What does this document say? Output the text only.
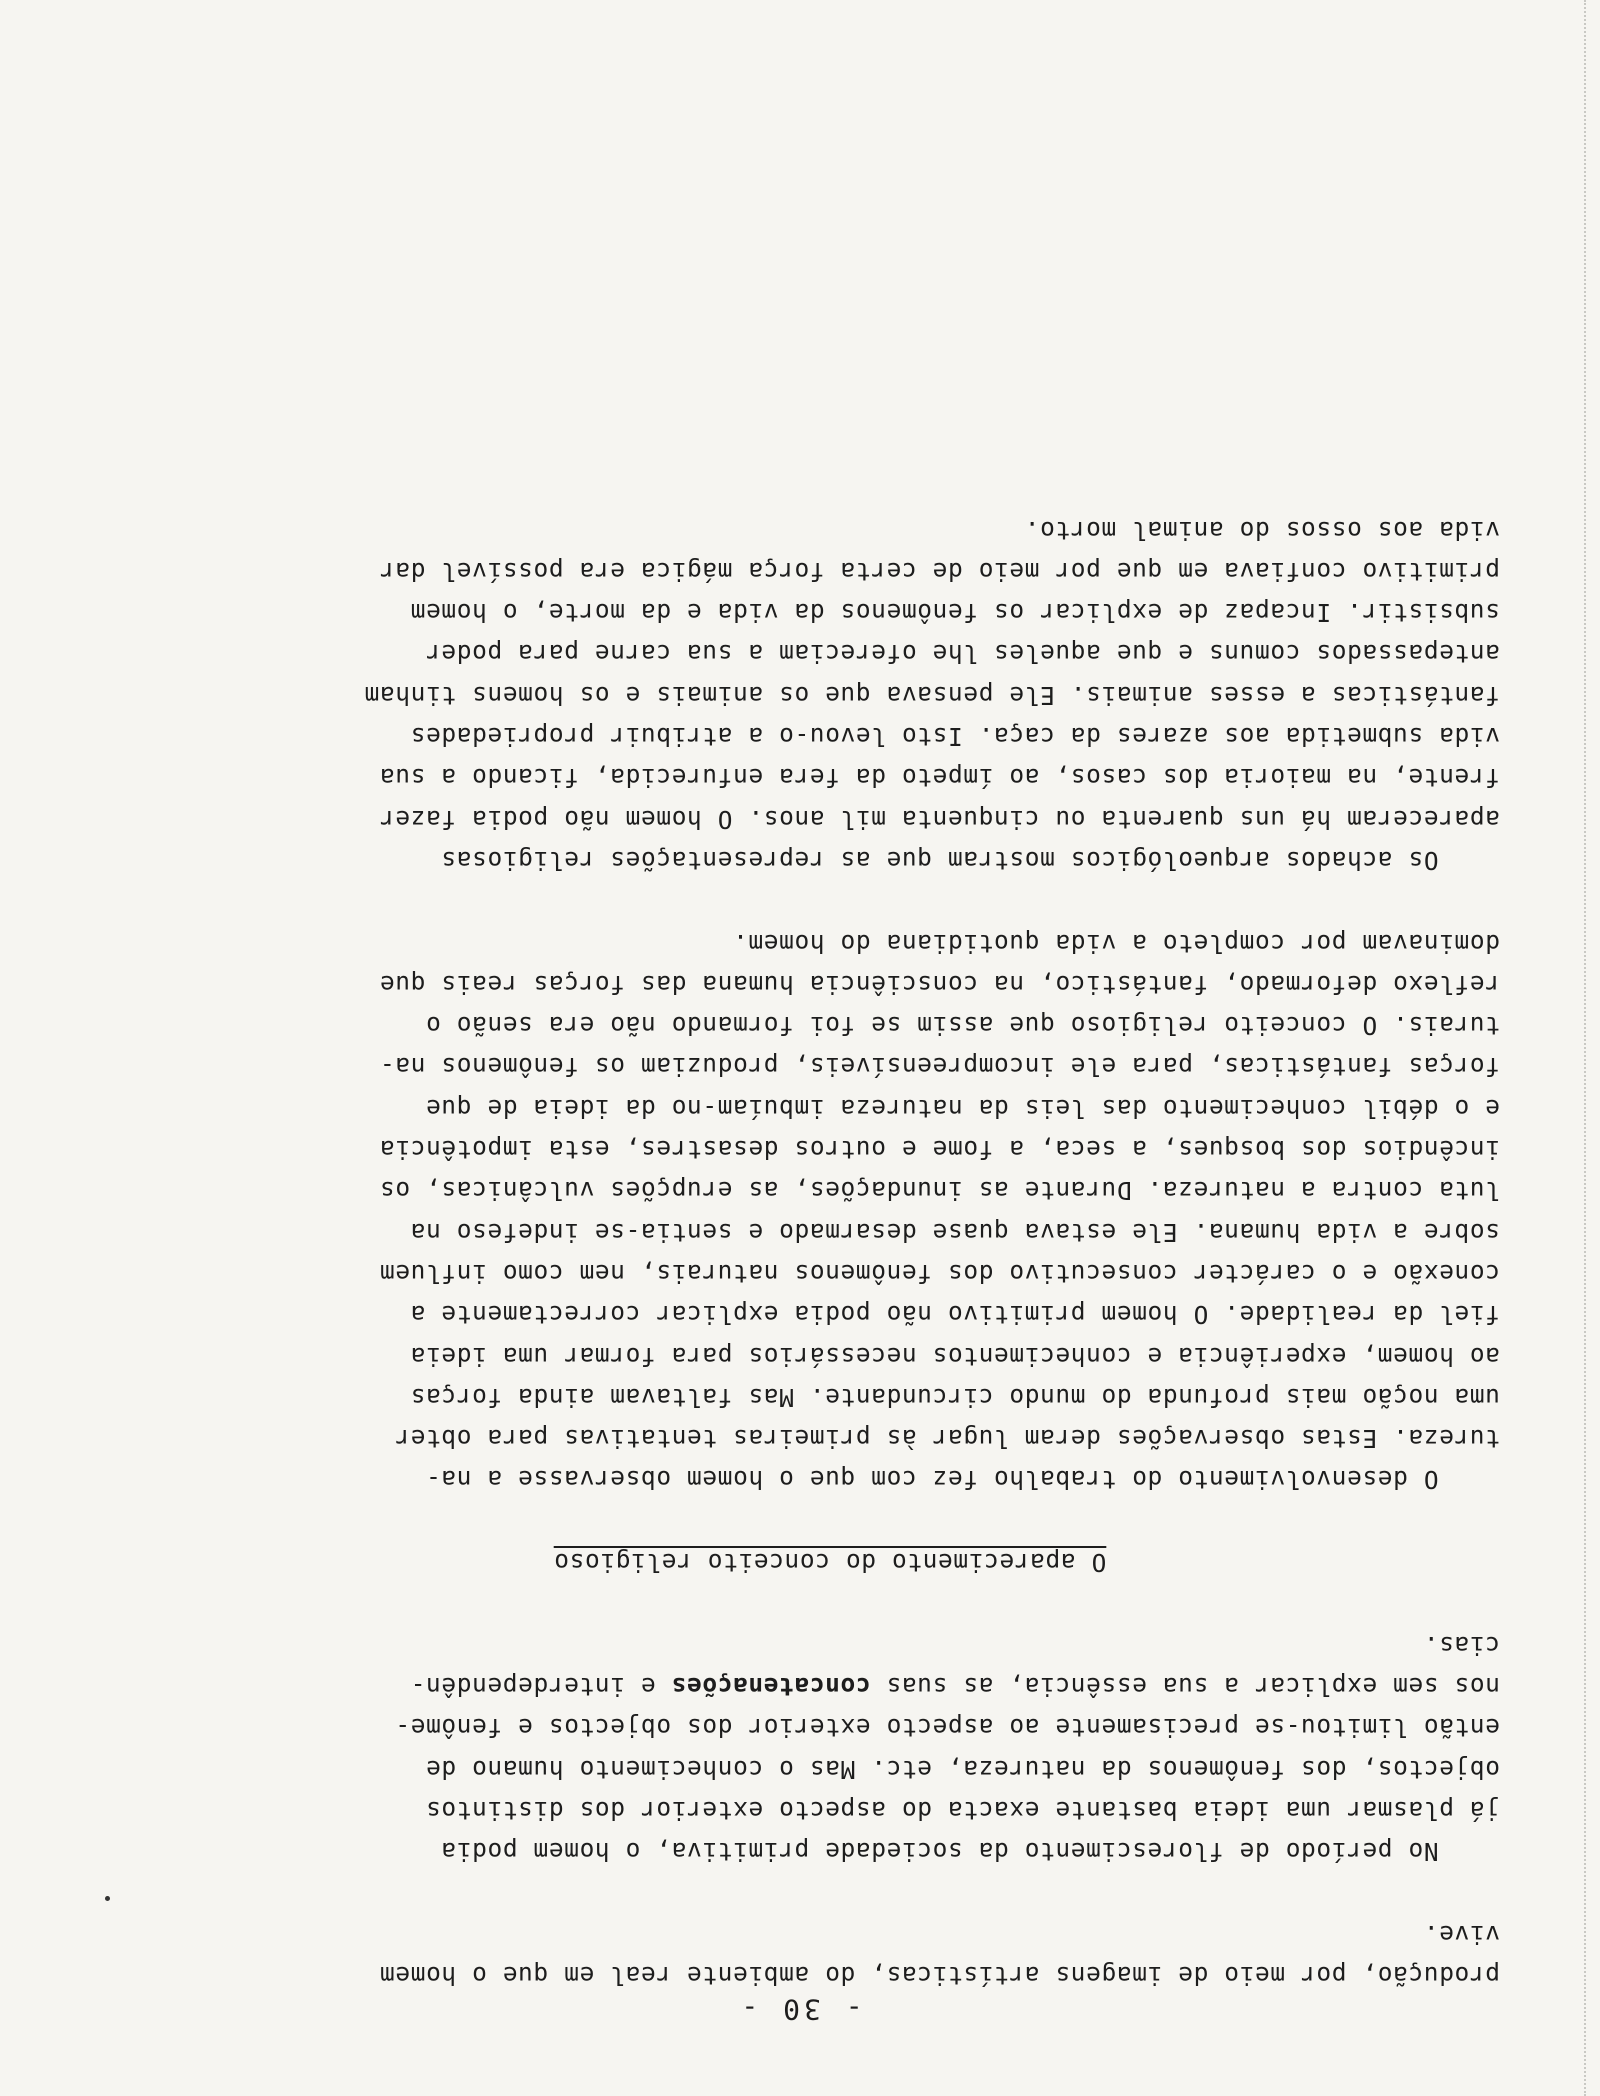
- 30 -
produção, por meio de imagens artísticas, do ambiente real em que o homem
vive.
No período de florescimento da sociedade primitiva, o homem podia
já plasmar uma ideia bastante exacta do aspecto exterior dos distintos
objectos, dos fenômenos da natureza, etc. Mas o conhecimento humano de
então limitou-se precisamente ao aspecto exterior dos objectos e fenôme-
nos sem explicar a sua essência, as suas concatenações e interdependên-
cias.
O aparecimento do conceito religioso
O desenvolvimento do trabalho fez com que o homem observasse a na-
tureza. Estas observações deram lugar às primeiras tentativas para obter
uma noção mais profunda do mundo circundante. Mas faltavam ainda forças
ao homem, experiência e conhecimentos necessários para formar uma ideia
fiel da realidade. O homem primitivo não podia explicar correctamente a
conexão e o carácter consecutivo dos fenômenos naturais, nem como influem
sobre a vida humana. Ele estava quase desarmado e sentia-se indefeso na
luta contra a natureza. Durante as inundações, as erupções vulcânicas, os
incêndios dos bosques, a seca, a fome e outros desastres, esta impotência
e o débil conhecimento das leis da natureza imbuíam-no da ideia de que
forças fantásticas, para ele incompreensíveis, produziam os fenômenos na-
turais. O conceito religioso que assim se foi formando não era senão o
reflexo deformado, fantástico, na consciência humana das forças reais que
dominavam por completo a vida quotidiana do homem.
Os achados arqueológicos mostram que as representações religiosas
apareceram há uns quarenta ou cinquenta mil anos. O homem não podia fazer
frente, na maioria dos casos, ao ímpeto da fera enfurecida, ficando a sua
vida submetida aos azares da caça. Isto levou-o a atribuir propriedades
fantásticas a esses animais. Ele pensava que os animais e os homens tinham
antepassados comuns e que aqueles lhe ofereciam a sua carne para poder
subsistir. Incapaz de explicar os fenômenos da vida e da morte, o homem
primitivo confiava em que por meio de certa força mágica era possível dar
vida aos ossos do animal morto.
